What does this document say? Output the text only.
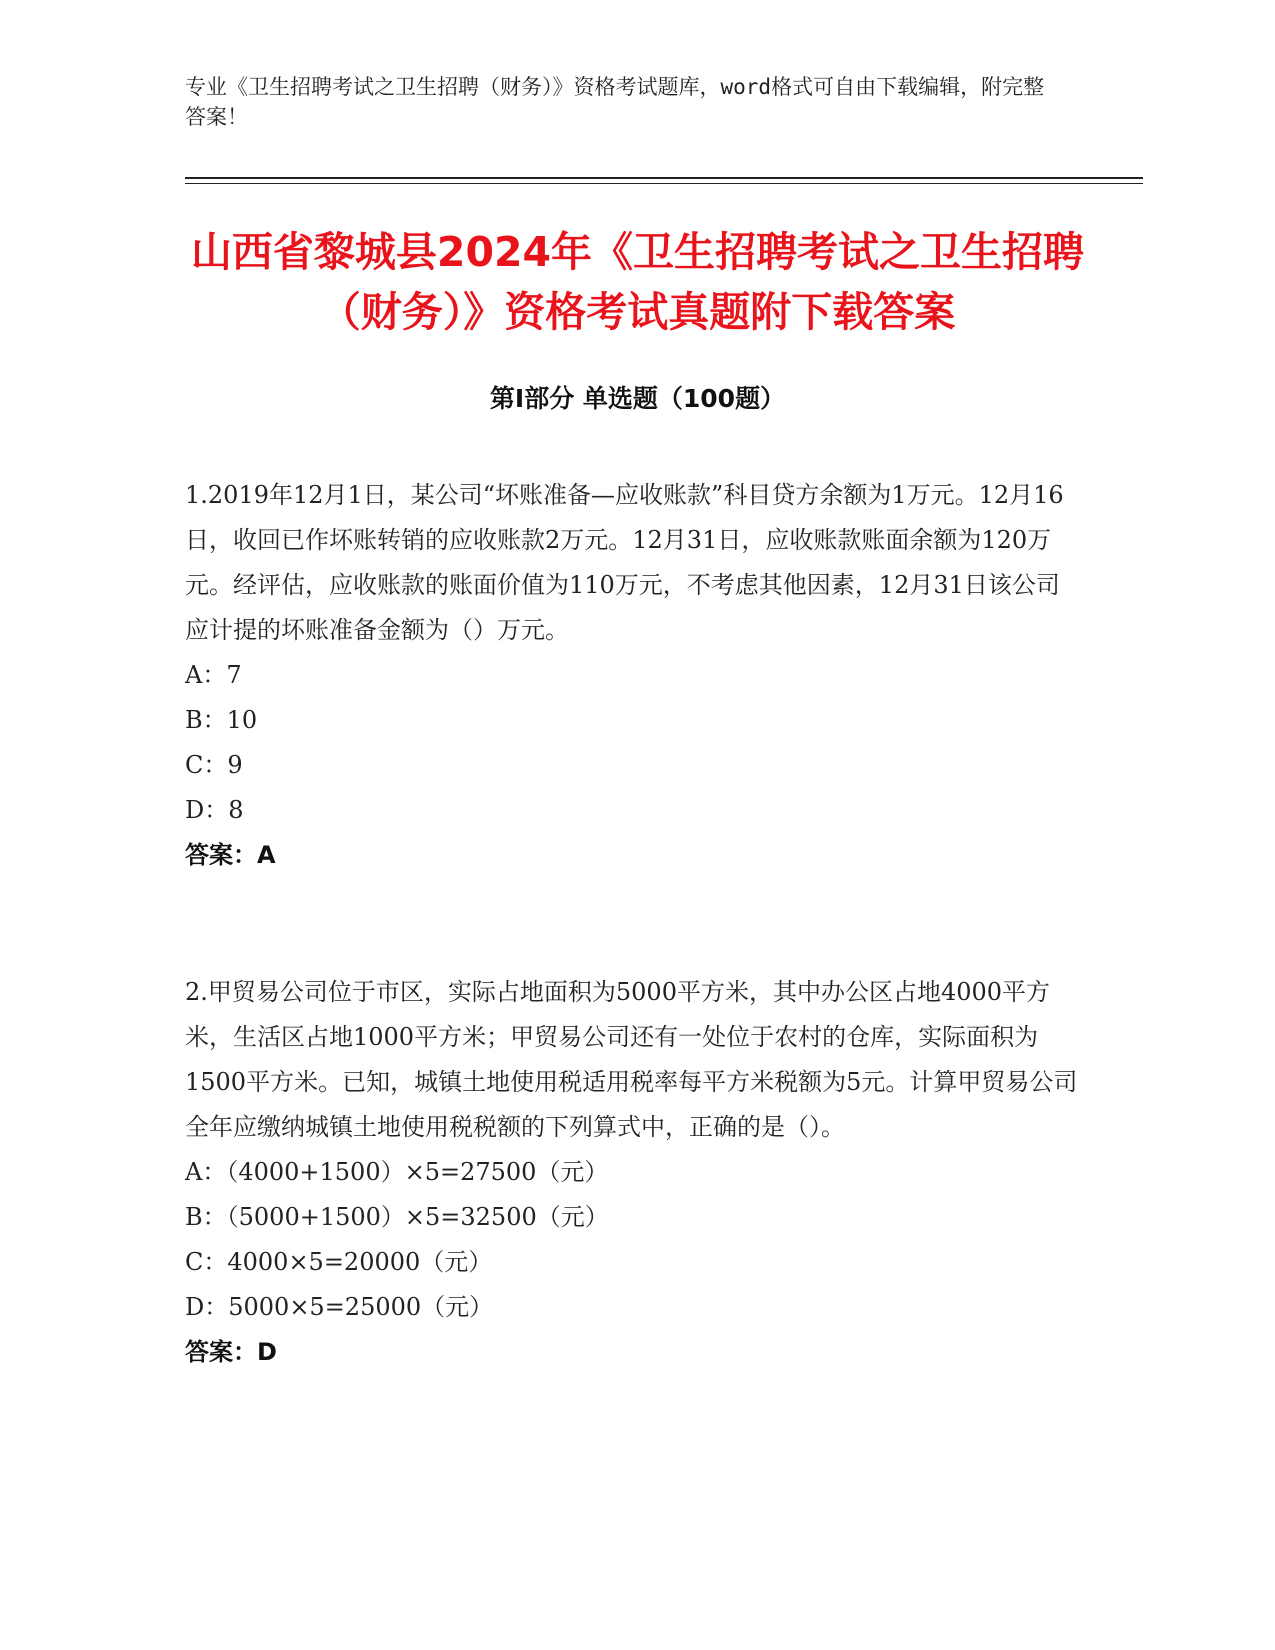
专业《卫生招聘考试之卫生招聘（财务）》资格考试题库，word格式可自由下载编辑，附完整答案！
山西省黎城县2024年《卫生招聘考试之卫生招聘（财务）》资格考试真题附下载答案
第I部分 单选题（100题）

1.2019年12月1日，某公司“坏账准备—应收账款”科目贷方余额为1万元。12月16日，收回已作坏账转销的应收账款2万元。12月31日，应收账款账面余额为120万元。经评估，应收账款的账面价值为110万元，不考虑其他因素，12月31日该公司应计提的坏账准备金额为（）万元。

A：7

B：10

C：9

D：8

答案：A

2.甲贸易公司位于市区，实际占地面积为5000平方米，其中办公区占地4000平方米，生活区占地1000平方米；甲贸易公司还有一处位于农村的仓库，实际面积为1500平方米。已知，城镇土地使用税适用税率每平方米税额为5元。计算甲贸易公司全年应缴纳城镇土地使用税税额的下列算式中，正确的是（）。

A：（4000+1500）×5=27500（元）

B：（5000+1500）×5=32500（元）

C：4000×5=20000（元）

D：5000×5=25000（元）

答案：D
